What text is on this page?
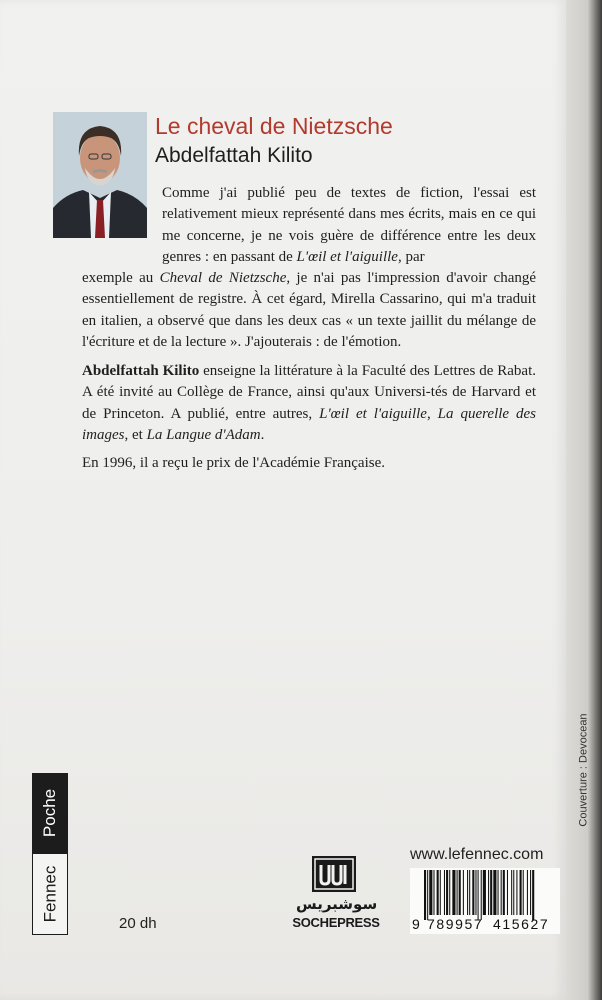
Couverture : Devocean
Le cheval de Nietzsche
Abdelfattah Kilito
Comme j'ai publié peu de textes de fiction, l'essai est relativement mieux représenté dans mes écrits, mais en ce qui me concerne, je ne vois guère de différence entre les deux genres : en passant de L'œil et l'aiguille, par
exemple au Cheval de Nietzsche, je n'ai pas l'impression d'avoir changé essentiellement de registre. À cet égard, Mirella Cassarino, qui m'a traduit en italien, a observé que dans les deux cas « un texte jaillit du mélange de l'écriture et de la lecture ». J'ajouterais : de l'émotion.
Abdelfattah Kilito enseigne la littérature à la Faculté des Lettres de Rabat. A été invité au Collège de France, ainsi qu'aux Universi-tés de Harvard et de Princeton. A publié, entre autres, L'œil et l'aiguille, La querelle des images, et La Langue d'Adam.
En 1996, il a reçu le prix de l'Académie Française.
Poche
Fennec
20 dh
سوشبريس
SOCHEPRESS
www.lefennec.com
9 789957 415627
